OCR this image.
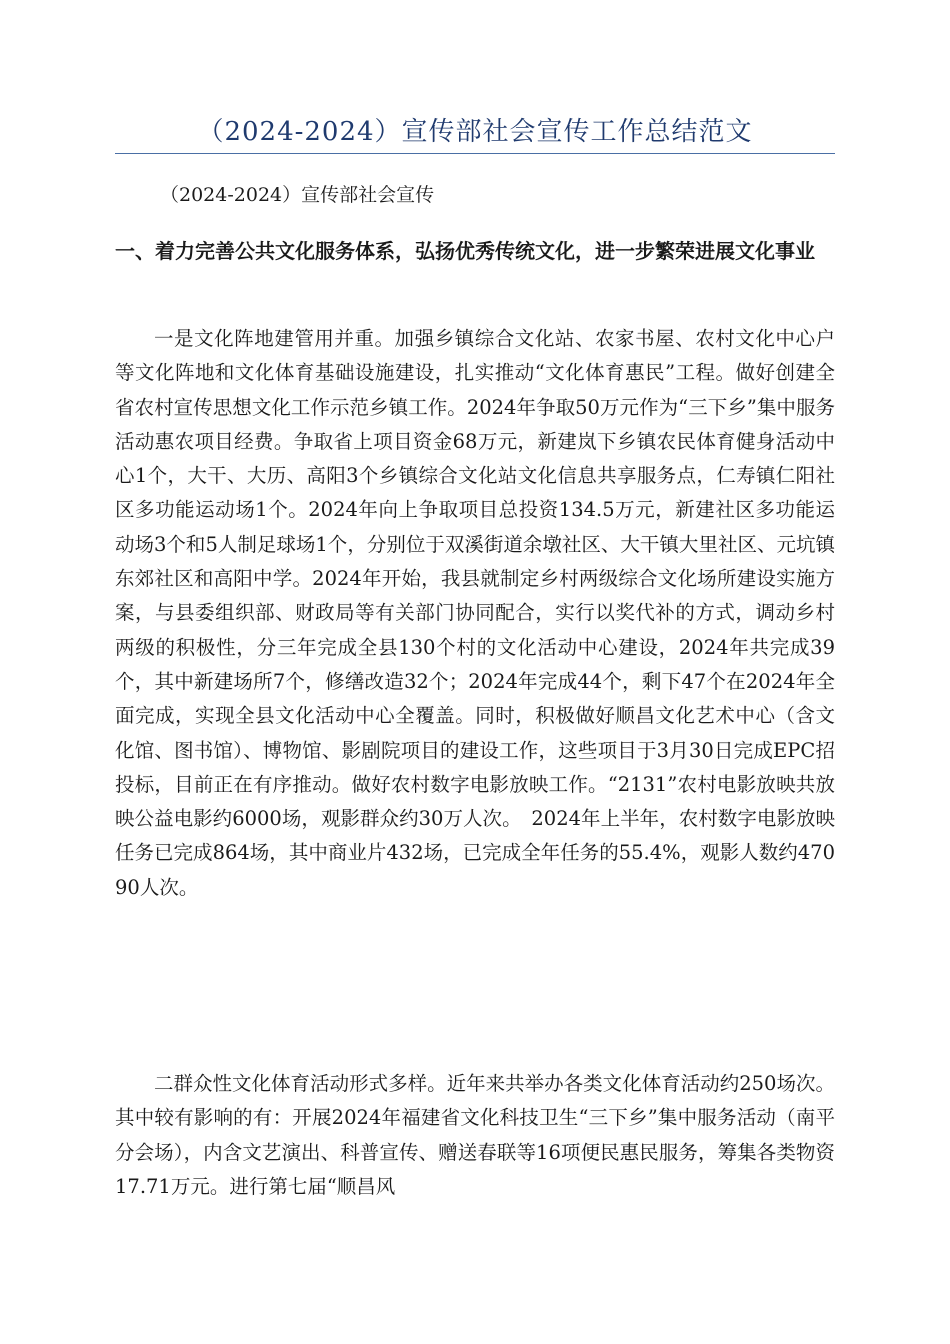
（2024-2024）宣传部社会宣传工作总结范文
（2024-2024）宣传部社会宣传
一、着力完善公共文化服务体系，弘扬优秀传统文化，进一步繁荣进展文化事业
一是文化阵地建管用并重。加强乡镇综合文化站、农家书屋、农村文化中心户等文化阵地和文化体育基础设施建设，扎实推动“文化体育惠民”工程。做好创建全省农村宣传思想文化工作示范乡镇工作。2024年争取50万元作为“三下乡”集中服务活动惠农项目经费。争取省上项目资金68万元，新建岚下乡镇农民体育健身活动中心1个，大干、大历、高阳3个乡镇综合文化站文化信息共享服务点，仁寿镇仁阳社区多功能运动场1个。2024年向上争取项目总投资134.5万元，新建社区多功能运动场3个和5人制足球场1个，分别位于双溪街道余墩社区、大干镇大里社区、元坑镇东郊社区和高阳中学。2024年开始，我县就制定乡村两级综合文化场所建设实施方案，与县委组织部、财政局等有关部门协同配合，实行以奖代补的方式，调动乡村两级的积极性，分三年完成全县130个村的文化活动中心建设，2024年共完成39个，其中新建场所7个，修缮改造32个；2024年完成44个，剩下47个在2024年全面完成，实现全县文化活动中心全覆盖。同时，积极做好顺昌文化艺术中心（含文化馆、图书馆）、博物馆、影剧院项目的建设工作，这些项目于3月30日完成EPC招投标，目前正在有序推动。做好农村数字电影放映工作。“2131”农村电影放映共放映公益电影约6000场，观影群众约30万人次。　2024年上半年，农村数字电影放映任务已完成864场，其中商业片432场，已完成全年任务的55.4%，观影人数约47090人次。
二群众性文化体育活动形式多样。近年来共举办各类文化体育活动约250场次。其中较有影响的有：开展2024年福建省文化科技卫生“三下乡”集中服务活动（南平分会场），内含文艺演出、科普宣传、赠送春联等16项便民惠民服务，筹集各类物资17.71万元。进行第七届“顺昌风
